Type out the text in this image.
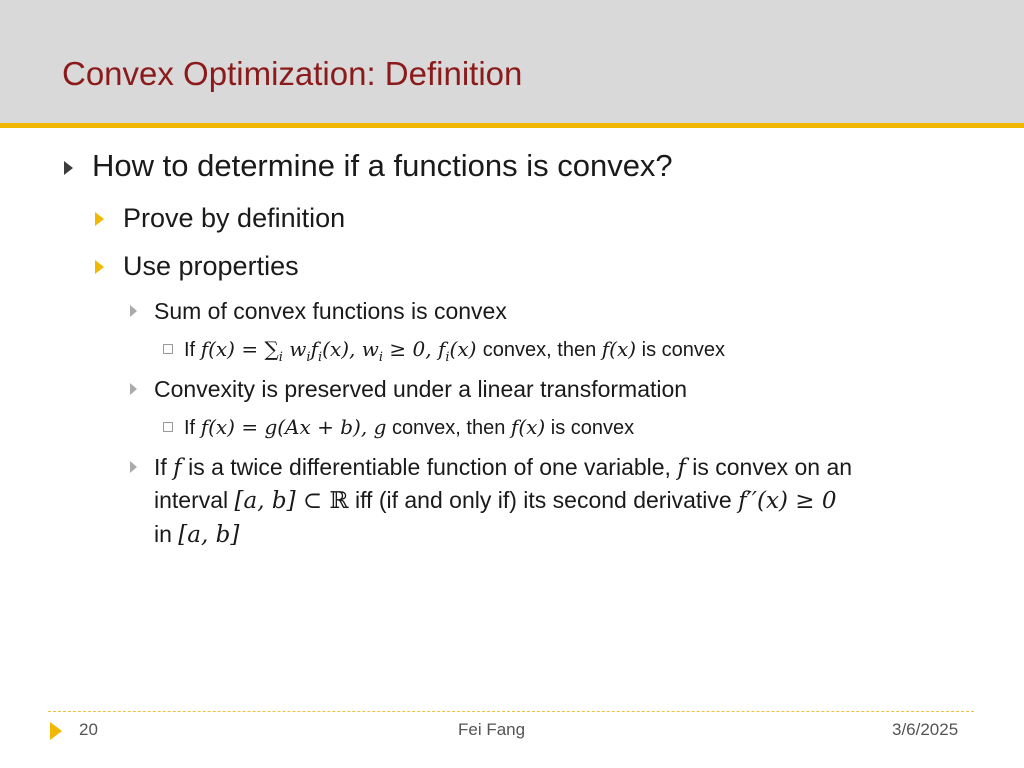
Convex Optimization: Definition
How to determine if a functions is convex?
Prove by definition
Use properties
Sum of convex functions is convex
If $f(x) = \sum_i$ $w_if_i(x)$, $w_i \ge 0$, $f_i(x)$ convex, then f(x) is convex
Convexity is preserved under a linear transformation
If f(x) = g(Ax + b), g convex, then f(x) is convex
If f is a twice differentiable function of one variable, f is convex on an
interval [a, b] ⊂ ℝ iff (if and only if) its second derivative f′′(x) ≥ 0
in [a, b]
20	Fei Fang	3/6/2025
